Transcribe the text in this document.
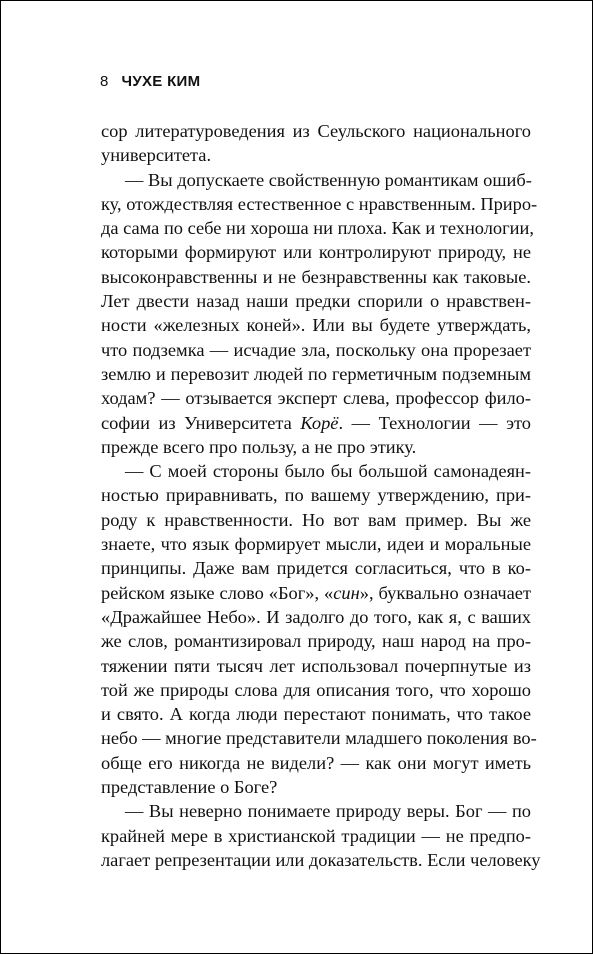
8 ЧУХЕ КИМ
сор литературоведения из Сеульского национального
университета.
— Вы допускаете свойственную романтикам ошиб-
ку, отождествляя естественное с нравственным. Приро-
да сама по себе ни хороша ни плоха. Как и технологии,
которыми формируют или контролируют природу, не
высоконравственны и не безнравственны как таковые.
Лет двести назад наши предки спорили о нравствен-
ности «железных коней». Или вы будете утверждать,
что подземка — исчадие зла, поскольку она прорезает
землю и перевозит людей по герметичным подземным
ходам? — отзывается эксперт слева, профессор фило-
софии из Университета Корё. — Технологии — это
прежде всего про пользу, а не про этику.
— С моей стороны было бы большой самонадеян-
ностью приравнивать, по вашему утверждению, при-
роду к нравственности. Но вот вам пример. Вы же
знаете, что язык формирует мысли, идеи и моральные
принципы. Даже вам придется согласиться, что в ко-
рейском языке слово «Бог», «син», буквально означает
«Дражайшее Небо». И задолго до того, как я, с ваших
же слов, романтизировал природу, наш народ на про-
тяжении пяти тысяч лет использовал почерпнутые из
той же природы слова для описания того, что хорошо
и свято. А когда люди перестают понимать, что такое
небо — многие представители младшего поколения во-
обще его никогда не видели? — как они могут иметь
представление о Боге?
— Вы неверно понимаете природу веры. Бог — по
крайней мере в христианской традиции — не предпо-
лагает репрезентации или доказательств. Если человеку
